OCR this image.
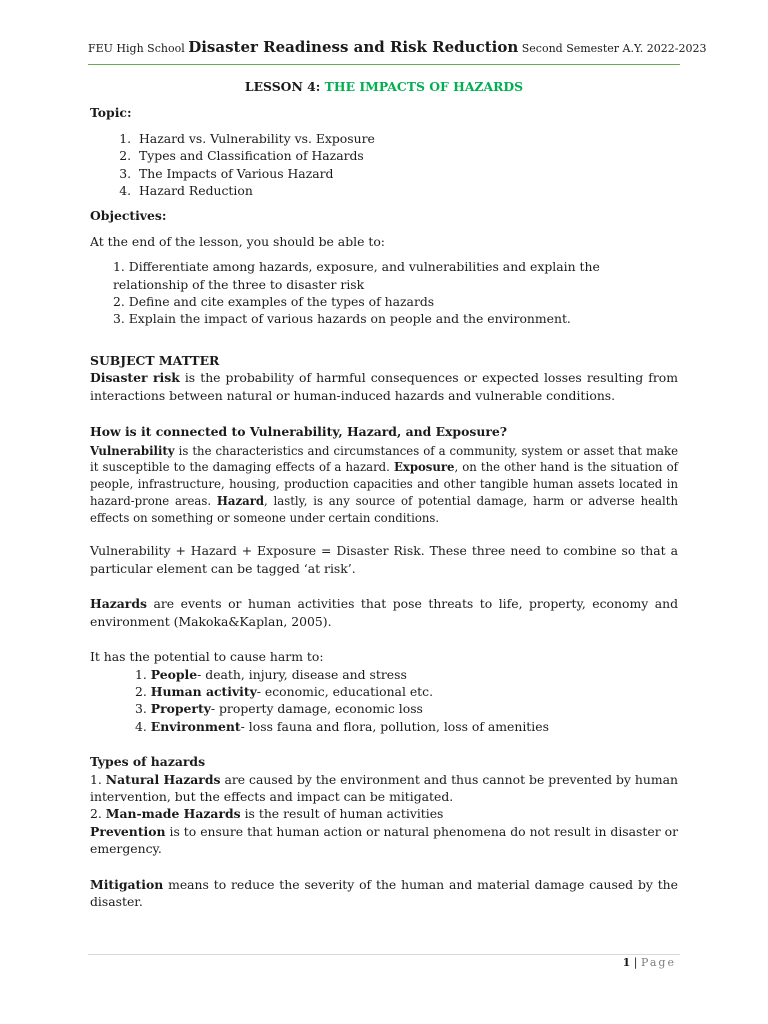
FEU High School Disaster Readiness and Risk Reduction Second Semester A.Y. 2022-2023

LESSON 4: THE IMPACTS OF HAZARDS

Topic:

1. Hazard vs. Vulnerability vs. Exposure
2. Types and Classification of Hazards
3. The Impacts of Various Hazard
4. Hazard Reduction

Objectives:

At the end of the lesson, you should be able to:

1. Differentiate among hazards, exposure, and vulnerabilities and explain the relationship of the three to disaster risk

2. Define and cite examples of the types of hazards

3. Explain the impact of various hazards on people and the environment.

SUBJECT MATTER

Disaster risk is the probability of harmful consequences or expected losses resulting from interactions between natural or human-induced hazards and vulnerable conditions.

How is it connected to Vulnerability, Hazard, and Exposure?

Vulnerability is the characteristics and circumstances of a community, system or asset that make it susceptible to the damaging effects of a hazard. Exposure, on the other hand is the situation of people, infrastructure, housing, production capacities and other tangible human assets located in hazard-prone areas. Hazard, lastly, is any source of potential damage, harm or adverse health effects on something or someone under certain conditions.

Vulnerability + Hazard + Exposure = Disaster Risk. These three need to combine so that a particular element can be tagged ‘at risk’.

Hazards are events or human activities that pose threats to life, property, economy and environment (Makoka&Kaplan, 2005).

It has the potential to cause harm to:

1. People- death, injury, disease and stress

2. Human activity- economic, educational etc.

3. Property- property damage, economic loss

4. Environment- loss fauna and flora, pollution, loss of amenities

Types of hazards

1. Natural Hazards are caused by the environment and thus cannot be prevented by human intervention, but the effects and impact can be mitigated.

2. Man-made Hazards is the result of human activities

Prevention is to ensure that human action or natural phenomena do not result in disaster or emergency.

Mitigation means to reduce the severity of the human and material damage caused by the disaster.

1 | Page
